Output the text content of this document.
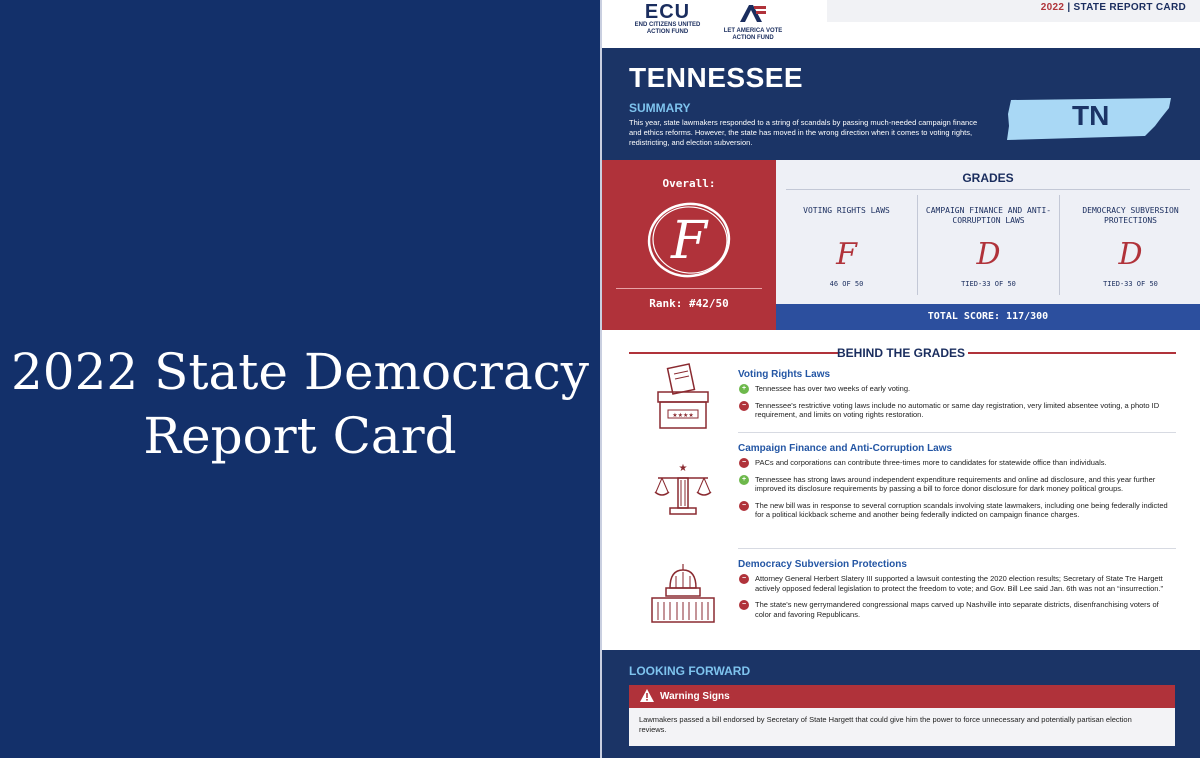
2022 State Democracy Report Card
2022 | STATE REPORT CARD
ECU
END CITIZENS UNITED ACTION FUND	LET AMERICA VOTE ACTION FUND
TENNESSEE
SUMMARY
This year, state lawmakers responded to a string of scandals by passing much-needed campaign finance and ethics reforms. However, the state has moved in the wrong direction when it comes to voting rights, redistricting, and election subversion.
TN
Overall:
F
Rank: #42/50
GRADES
VOTING RIGHTS LAWS
F
46 OF 50
CAMPAIGN FINANCE AND ANTI-CORRUPTION LAWS
D
TIED-33 OF 50
DEMOCRACY SUBVERSION PROTECTIONS
D
TIED-33 OF 50
TOTAL SCORE: 117/300
BEHIND THE GRADES
★★★★
Voting Rights Laws
+	Tennessee has over two weeks of early voting.
−	Tennessee's restrictive voting laws include no automatic or same day registration, very limited absentee voting, a photo ID requirement, and limits on voting rights restoration.
★
Campaign Finance and Anti-Corruption Laws
−	PACs and corporations can contribute three-times more to candidates for statewide office than individuals.
+	Tennessee has strong laws around independent expenditure requirements and online ad disclosure, and this year further improved its disclosure requirements by passing a bill to force donor disclosure for dark money political groups.
−	The new bill was in response to several corruption scandals involving state lawmakers, including one being federally indicted for a political kickback scheme and another being federally indicted on campaign finance charges.
Democracy Subversion Protections
−	Attorney General Herbert Slatery III supported a lawsuit contesting the 2020 election results; Secretary of State Tre Hargett actively opposed federal legislation to protect the freedom to vote; and Gov. Bill Lee said Jan. 6th was not an “insurrection.”
−	The state's new gerrymandered congressional maps carved up Nashville into separate districts, disenfranchising voters of color and favoring Republicans.
LOOKING FORWARD
Warning Signs
Lawmakers passed a bill endorsed by Secretary of State Hargett that could give him the power to force unnecessary and potentially partisan election reviews.
